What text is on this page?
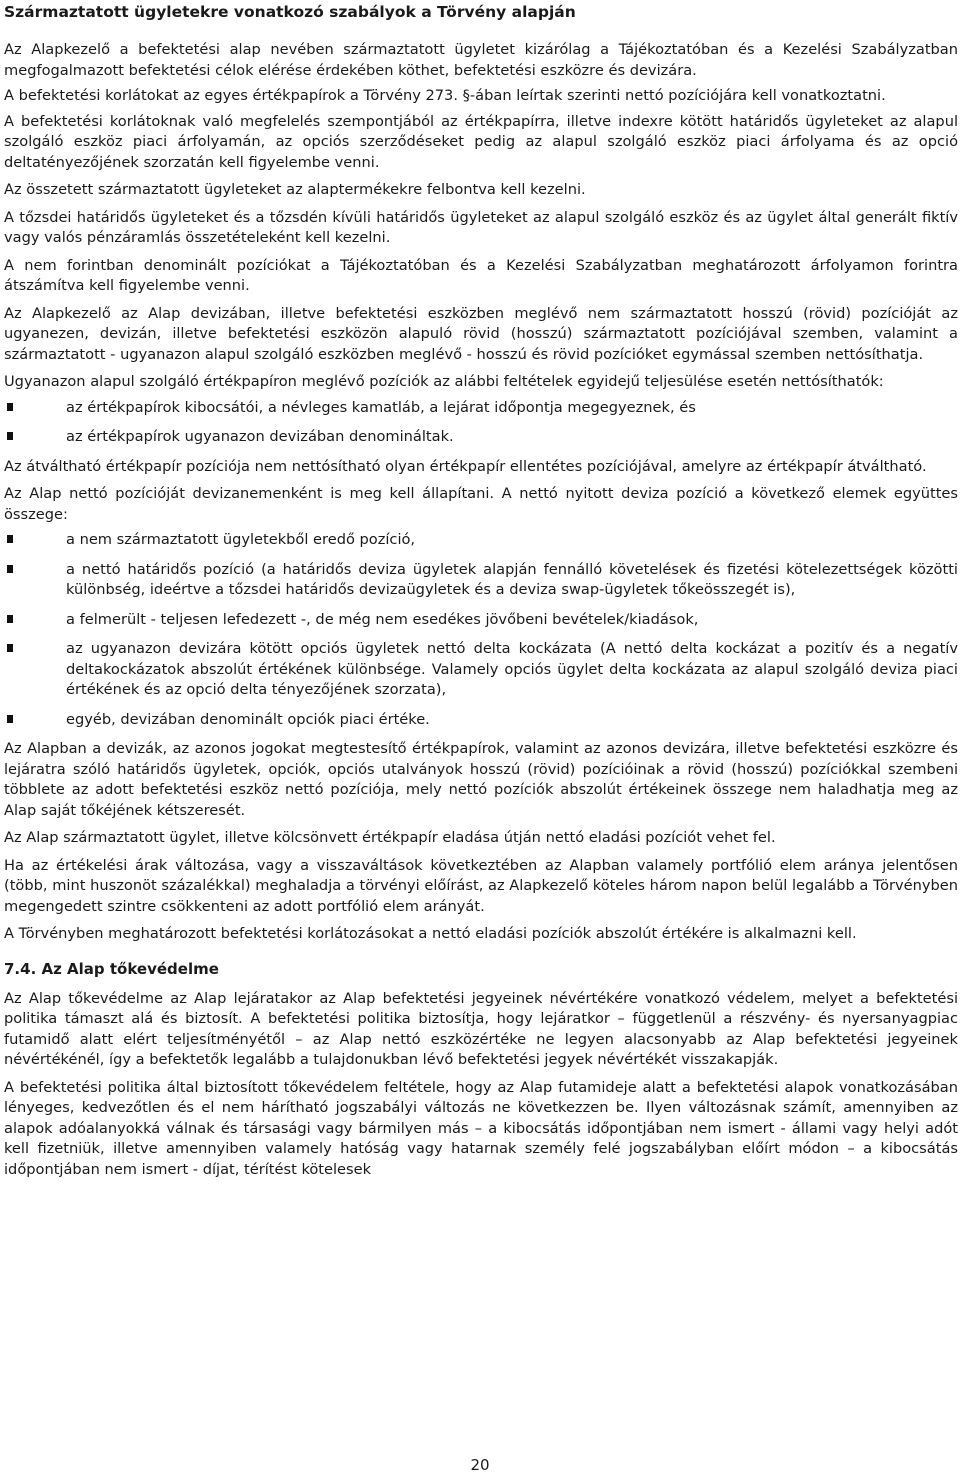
Származtatott ügyletekre vonatkozó szabályok a Törvény alapján

Az Alapkezelő a befektetési alap nevében származtatott ügyletet kizárólag a Tájékoztatóban és a Kezelési Szabályzatban megfogalmazott befektetési célok elérése érdekében köthet, befektetési eszközre és devizára.

A befektetési korlátokat az egyes értékpapírok a Törvény 273. §-ában leírtak szerinti nettó pozíciójára kell vonatkoztatni.

A befektetési korlátoknak való megfelelés szempontjából az értékpapírra, illetve indexre kötött határidős ügyleteket az alapul szolgáló eszköz piaci árfolyamán, az opciós szerződéseket pedig az alapul szolgáló eszköz piaci árfolyama és az opció deltatényezőjének szorzatán kell figyelembe venni.

Az összetett származtatott ügyleteket az alaptermékekre felbontva kell kezelni.

A tőzsdei határidős ügyleteket és a tőzsdén kívüli határidős ügyleteket az alapul szolgáló eszköz és az ügylet által generált fiktív vagy valós pénzáramlás összetételeként kell kezelni.

A nem forintban denominált pozíciókat a Tájékoztatóban és a Kezelési Szabályzatban meghatározott árfolyamon forintra átszámítva kell figyelembe venni.

Az Alapkezelő az Alap devizában, illetve befektetési eszközben meglévő nem származtatott hosszú (rövid) pozícióját az ugyanezen, devizán, illetve befektetési eszközön alapuló rövid (hosszú) származtatott pozíciójával szemben, valamint a származtatott - ugyanazon alapul szolgáló eszközben meglévő - hosszú és rövid pozícióket egymással szemben nettósíthatja.

Ugyanazon alapul szolgáló értékpapíron meglévő pozíciók az alábbi feltételek egyidejű teljesülése esetén nettósíthatók:

az értékpapírok kibocsátói, a névleges kamatláb, a lejárat időpontja megegyeznek, és
az értékpapírok ugyanazon devizában denomináltak.

Az átváltható értékpapír pozíciója nem nettósítható olyan értékpapír ellentétes pozíciójával, amelyre az értékpapír átváltható.

Az Alap nettó pozícióját devizanemenként is meg kell állapítani. A nettó nyitott deviza pozíció a következő elemek együttes összege:

a nem származtatott ügyletekből eredő pozíció,
a nettó határidős pozíció (a határidős deviza ügyletek alapján fennálló követelések és fizetési kötelezettségek közötti különbség, ideértve a tőzsdei határidős devizaügyletek és a deviza swap-ügyletek tőkeösszegét is),
a felmerült - teljesen lefedezett -, de még nem esedékes jövőbeni bevételek/kiadások,
az ugyanazon devizára kötött opciós ügyletek nettó delta kockázata (A nettó delta kockázat a pozitív és a negatív deltakockázatok abszolút értékének különbsége. Valamely opciós ügylet delta kockázata az alapul szolgáló deviza piaci értékének és az opció delta tényezőjének szorzata),
egyéb, devizában denominált opciók piaci értéke.

Az Alapban a devizák, az azonos jogokat megtestesítő értékpapírok, valamint az azonos devizára, illetve befektetési eszközre és lejáratra szóló határidős ügyletek, opciók, opciós utalványok hosszú (rövid) pozícióinak a rövid (hosszú) pozíciókkal szembeni többlete az adott befektetési eszköz nettó pozíciója, mely nettó pozíciók abszolút értékeinek összege nem haladhatja meg az Alap saját tőkéjének kétszeresét.

Az Alap származtatott ügylet, illetve kölcsönvett értékpapír eladása útján nettó eladási pozíciót vehet fel.

Ha az értékelési árak változása, vagy a visszaváltások következtében az Alapban valamely portfólió elem aránya jelentősen (több, mint huszonöt százalékkal) meghaladja a törvényi előírást, az Alapkezelő köteles három napon belül legalább a Törvényben megengedett szintre csökkenteni az adott portfólió elem arányát.

A Törvényben meghatározott befektetési korlátozásokat a nettó eladási pozíciók abszolút értékére is alkalmazni kell.

7.4. Az Alap tőkevédelme

Az Alap tőkevédelme az Alap lejáratakor az Alap befektetési jegyeinek névértékére vonatkozó védelem, melyet a befektetési politika támaszt alá és biztosít. A befektetési politika biztosítja, hogy lejáratkor – függetlenül a részvény- és nyersanyagpiac futamidő alatt elért teljesítményétől – az Alap nettó eszközértéke ne legyen alacsonyabb az Alap befektetési jegyeinek névértékénél, így a befektetők legalább a tulajdonukban lévő befektetési jegyek névértékét visszakapják.

A befektetési politika által biztosított tőkevédelem feltétele, hogy az Alap futamideje alatt a befektetési alapok vonatkozásában lényeges, kedvezőtlen és el nem hárítható jogszabályi változás ne következzen be. Ilyen változásnak számít, amennyiben az alapok adóalanyokká válnak és társasági vagy bármilyen más – a kibocsátás időpontjában nem ismert - állami vagy helyi adót kell fizetniük, illetve amennyiben valamely hatóság vagy hatarnak személy felé jogszabályban előírt módon – a kibocsátás időpontjában nem ismert - díjat, térítést kötelesek

20
